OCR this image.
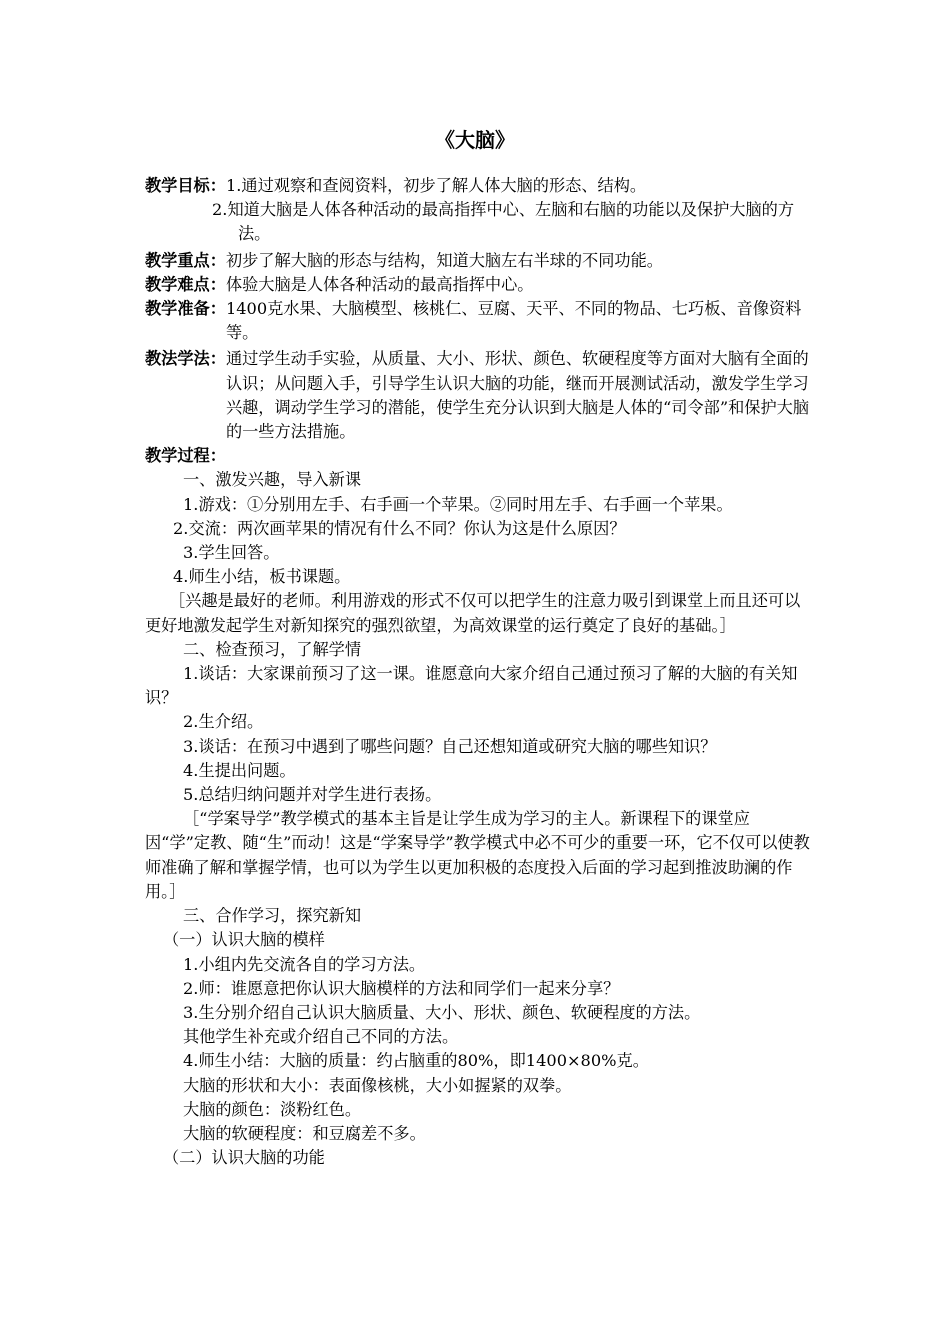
《大脑》
教学目标： 1.通过观察和查阅资料，初步了解人体大脑的形态、结构。

2.知道大脑是人体各种活动的最高指挥中心、左脑和右脑的功能以及保护大脑的方法。

教学重点： 初步了解大脑的形态与结构，知道大脑左右半球的不同功能。
教学难点： 体验大脑是人体各种活动的最高指挥中心。
教学准备： 1400克水果、大脑模型、核桃仁、豆腐、天平、不同的物品、七巧板、音像资料等。
教法学法： 通过学生动手实验，从质量、大小、形状、颜色、软硬程度等方面对大脑有全面的认识；从问题入手，引导学生认识大脑的功能，继而开展测试活动，激发学生学习兴趣，调动学生学习的潜能，使学生充分认识到大脑是人体的“司令部”和保护大脑的一些方法措施。
教学过程：

一、激发兴趣，导入新课

1.游戏：①分别用左手、右手画一个苹果。②同时用左手、右手画一个苹果。

2.交流：两次画苹果的情况有什么不同？你认为这是什么原因？

3.学生回答。

4.师生小结，板书课题。

［兴趣是最好的老师。利用游戏的形式不仅可以把学生的注意力吸引到课堂上而且还可以更好地激发起学生对新知探究的强烈欲望，为高效课堂的运行奠定了良好的基础。］

二、检查预习，了解学情

1.谈话：大家课前预习了这一课。谁愿意向大家介绍自己通过预习了解的大脑的有关知识？

2.生介绍。

3.谈话：在预习中遇到了哪些问题？自己还想知道或研究大脑的哪些知识？

4.生提出问题。

5.总结归纳问题并对学生进行表扬。

［“学案导学”教学模式的基本主旨是让学生成为学习的主人。新课程下的课堂应因“学”定教、随“生”而动！这是“学案导学”教学模式中必不可少的重要一环，它不仅可以使教师准确了解和掌握学情，也可以为学生以更加积极的态度投入后面的学习起到推波助澜的作用。］

三、合作学习，探究新知

（一）认识大脑的模样

1.小组内先交流各自的学习方法。

2.师：谁愿意把你认识大脑模样的方法和同学们一起来分享？

3.生分别介绍自己认识大脑质量、大小、形状、颜色、软硬程度的方法。

其他学生补充或介绍自己不同的方法。

4.师生小结：大脑的质量：约占脑重的80%，即1400×80%克。

大脑的形状和大小：表面像核桃，大小如握紧的双拳。

大脑的颜色：淡粉红色。

大脑的软硬程度：和豆腐差不多。

（二）认识大脑的功能
